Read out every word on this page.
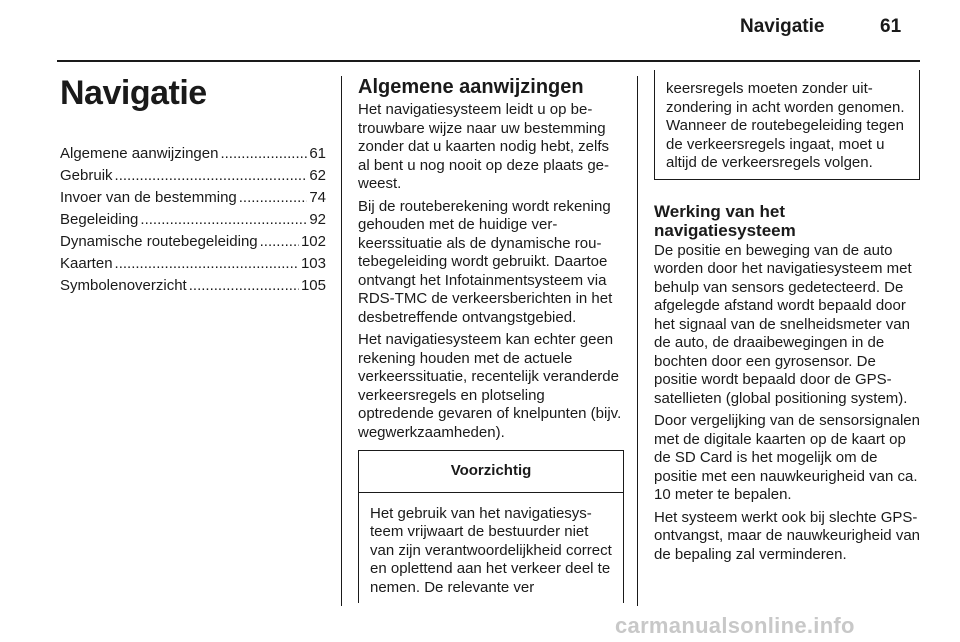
Navigatie	61
Navigatie
Algemene aanwijzingen .....	61
Gebruik .....	62
Invoer van de bestemming .....	74
Begeleiding .....	92
Dynamische routebegeleiding .....	102
Kaarten .....	103
Symbolenoverzicht .....	105
Algemene aanwijzingen

Het navigatiesysteem leidt u op betrouwbare wijze naar uw bestemming zonder dat u kaarten nodig hebt, zelfs al bent u nog nooit op deze plaats geweest.

Bij de routeberekening wordt rekening gehouden met de huidige verkeerssituatie als de dynamische routebegeleiding wordt gebruikt. Daartoe ontvangt het Infotainmentsysteem via RDS-TMC de verkeersberichten in het desbetreffende ontvangstgebied.

Het navigatiesysteem kan echter geen rekening houden met de actuele verkeerssituatie, recentelijk veranderde verkeersregels en plotseling optredende gevaren of knelpunten (bijv. wegwerkzaamheden).

Voorzichtig
Het gebruik van het navigatiesysteem vrijwaart de bestuurder niet van zijn verantwoordelijkheid correct en oplettend aan het verkeer deel te nemen. De relevante ver
keersregels moeten zonder uitzondering in acht worden genomen. Wanneer de routebegeleiding tegen de verkeersregels ingaat, moet u altijd de verkeersregels volgen.
Werking van het navigatiesysteem

De positie en beweging van de auto worden door het navigatiesysteem met behulp van sensors gedetecteerd. De afgelegde afstand wordt bepaald door het signaal van de snelheidsmeter van de auto, de draaibewegingen in de bochten door een gyrosensor. De positie wordt bepaald door de GPS-satellieten (global positioning system).

Door vergelijking van de sensorsignalen met de digitale kaarten op de kaart op de SD Card is het mogelijk om de positie met een nauwkeurigheid van ca. 10 meter te bepalen.

Het systeem werkt ook bij slechte GPS-ontvangst, maar de nauwkeurigheid van de bepaling zal verminderen.

carmanualsonline.info
